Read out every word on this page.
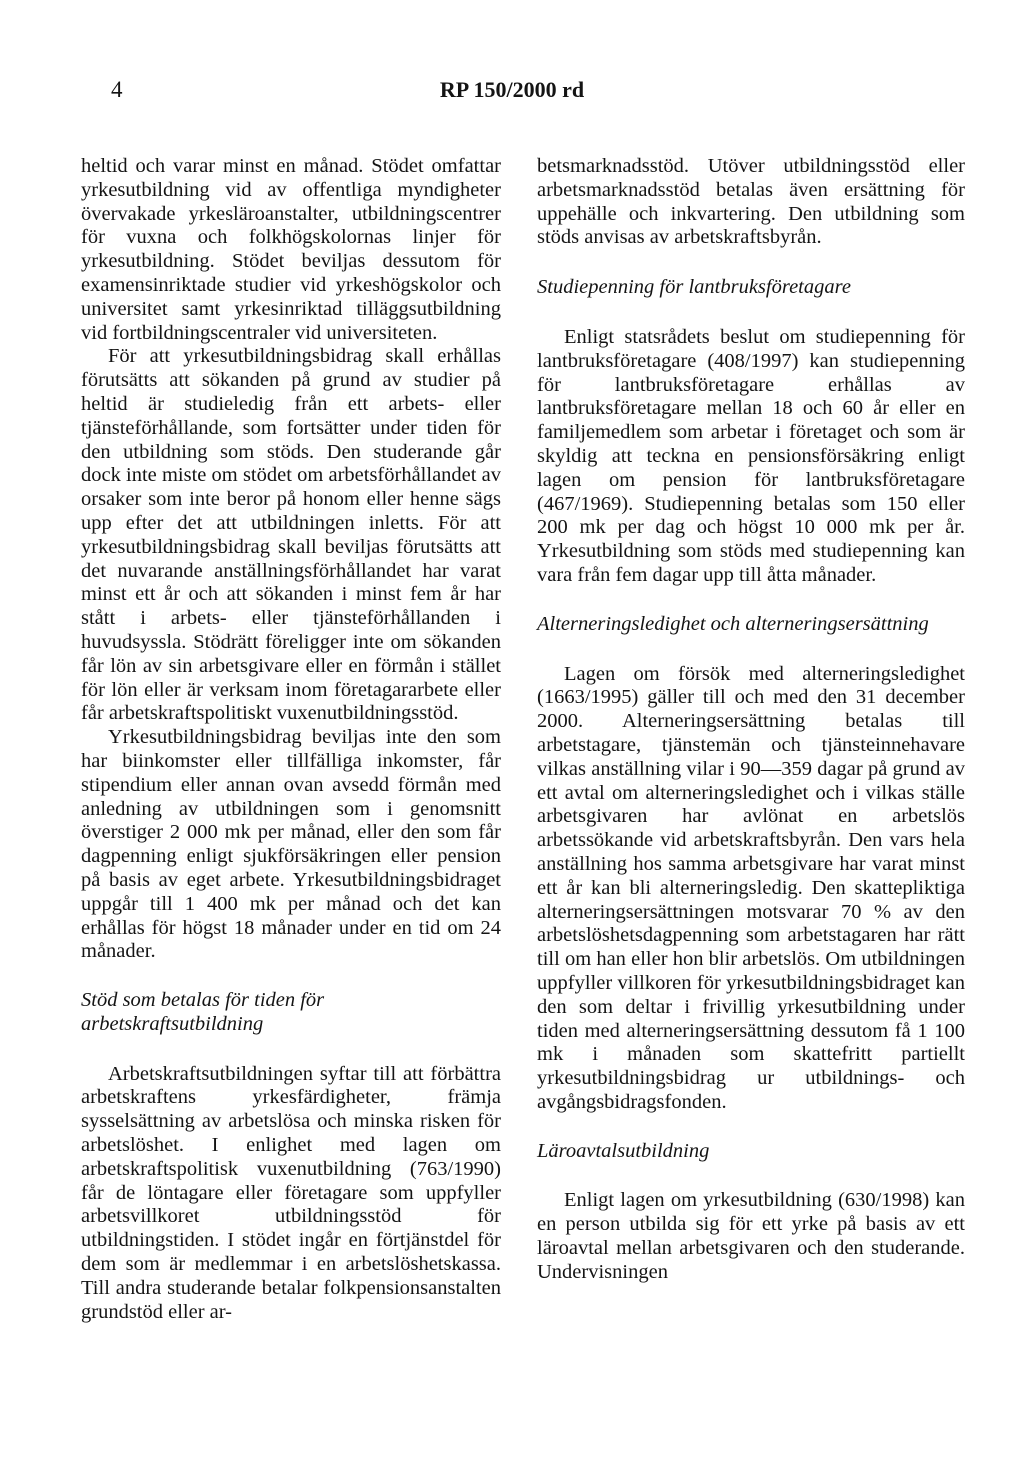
4	RP 150/2000 rd

heltid och varar minst en månad. Stödet omfattar yrkesutbildning vid av offentliga myndigheter övervakade yrkesläroanstalter, utbildningscentrer för vuxna och folkhögskolornas linjer för yrkesutbildning. Stödet beviljas dessutom för examensinriktade studier vid yrkeshögskolor och universitet samt yrkesinriktad tilläggsutbildning vid fortbildningscentraler vid universiteten.

För att yrkesutbildningsbidrag skall erhållas förutsätts att sökanden på grund av studier på heltid är studieledig från ett arbets- eller tjänsteförhållande, som fortsätter under tiden för den utbildning som stöds. Den studerande går dock inte miste om stödet om arbetsförhållandet av orsaker som inte beror på honom eller henne sägs upp efter det att utbildningen inletts. För att yrkesutbildningsbidrag skall beviljas förutsätts att det nuvarande anställningsförhållandet har varat minst ett år och att sökanden i minst fem år har stått i arbets- eller tjänsteförhållanden i huvudsyssla. Stödrätt föreligger inte om sökanden får lön av sin arbetsgivare eller en förmån i stället för lön eller är verksam inom företagararbete eller får arbetskraftspolitiskt vuxenutbildningsstöd.

Yrkesutbildningsbidrag beviljas inte den som har biinkomster eller tillfälliga inkomster, får stipendium eller annan ovan avsedd förmån med anledning av utbildningen som i genomsnitt överstiger 2 000 mk per månad, eller den som får dagpenning enligt sjukförsäkringen eller pension på basis av eget arbete. Yrkesutbildningsbidraget uppgår till 1 400 mk per månad och det kan erhållas för högst 18 månader under en tid om 24 månader.

Stöd som betalas för tiden för arbetskraftsutbildning

Arbetskraftsutbildningen syftar till att förbättra arbetskraftens yrkesfärdigheter, främja sysselsättning av arbetslösa och minska risken för arbetslöshet. I enlighet med lagen om arbetskraftspolitisk vuxenutbildning (763/1990) får de löntagare eller företagare som uppfyller arbetsvillkoret utbildningsstöd för utbildningstiden. I stödet ingår en förtjänstdel för dem som är medlemmar i en arbetslöshetskassa. Till andra studerande betalar folkpensionsanstalten grundstöd eller ar-

betsmarknadsstöd. Utöver utbildningsstöd eller arbetsmarknadsstöd betalas även ersättning för uppehälle och inkvartering. Den utbildning som stöds anvisas av arbetskraftsbyrån.

Studiepenning för lantbruksföretagare

Enligt statsrådets beslut om studiepenning för lantbruksföretagare (408/1997) kan studiepenning för lantbruksföretagare erhållas av lantbruksföretagare mellan 18 och 60 år eller en familjemedlem som arbetar i företaget och som är skyldig att teckna en pensionsförsäkring enligt lagen om pension för lantbruksföretagare (467/1969). Studiepenning betalas som 150 eller 200 mk per dag och högst 10 000 mk per år. Yrkesutbildning som stöds med studiepenning kan vara från fem dagar upp till åtta månader.

Alterneringsledighet och alterneringsersättning

Lagen om försök med alterneringsledighet (1663/1995) gäller till och med den 31 december 2000. Alterneringsersättning betalas till arbetstagare, tjänstemän och tjänsteinnehavare vilkas anställning vilar i 90—359 dagar på grund av ett avtal om alterneringsledighet och i vilkas ställe arbetsgivaren har avlönat en arbetslös arbetssökande vid arbetskraftsbyrån. Den vars hela anställning hos samma arbetsgivare har varat minst ett år kan bli alterneringsledig. Den skattepliktiga alterneringsersättningen motsvarar 70 % av den arbetslöshetsdagpenning som arbetstagaren har rätt till om han eller hon blir arbetslös. Om utbildningen uppfyller villkoren för yrkesutbildningsbidraget kan den som deltar i frivillig yrkesutbildning under tiden med alterneringsersättning dessutom få 1 100 mk i månaden som skattefritt partiellt yrkesutbildningsbidrag ur utbildnings- och avgångsbidragsfonden.

Läroavtalsutbildning

Enligt lagen om yrkesutbildning (630/1998) kan en person utbilda sig för ett yrke på basis av ett läroavtal mellan arbetsgivaren och den studerande. Undervisningen
